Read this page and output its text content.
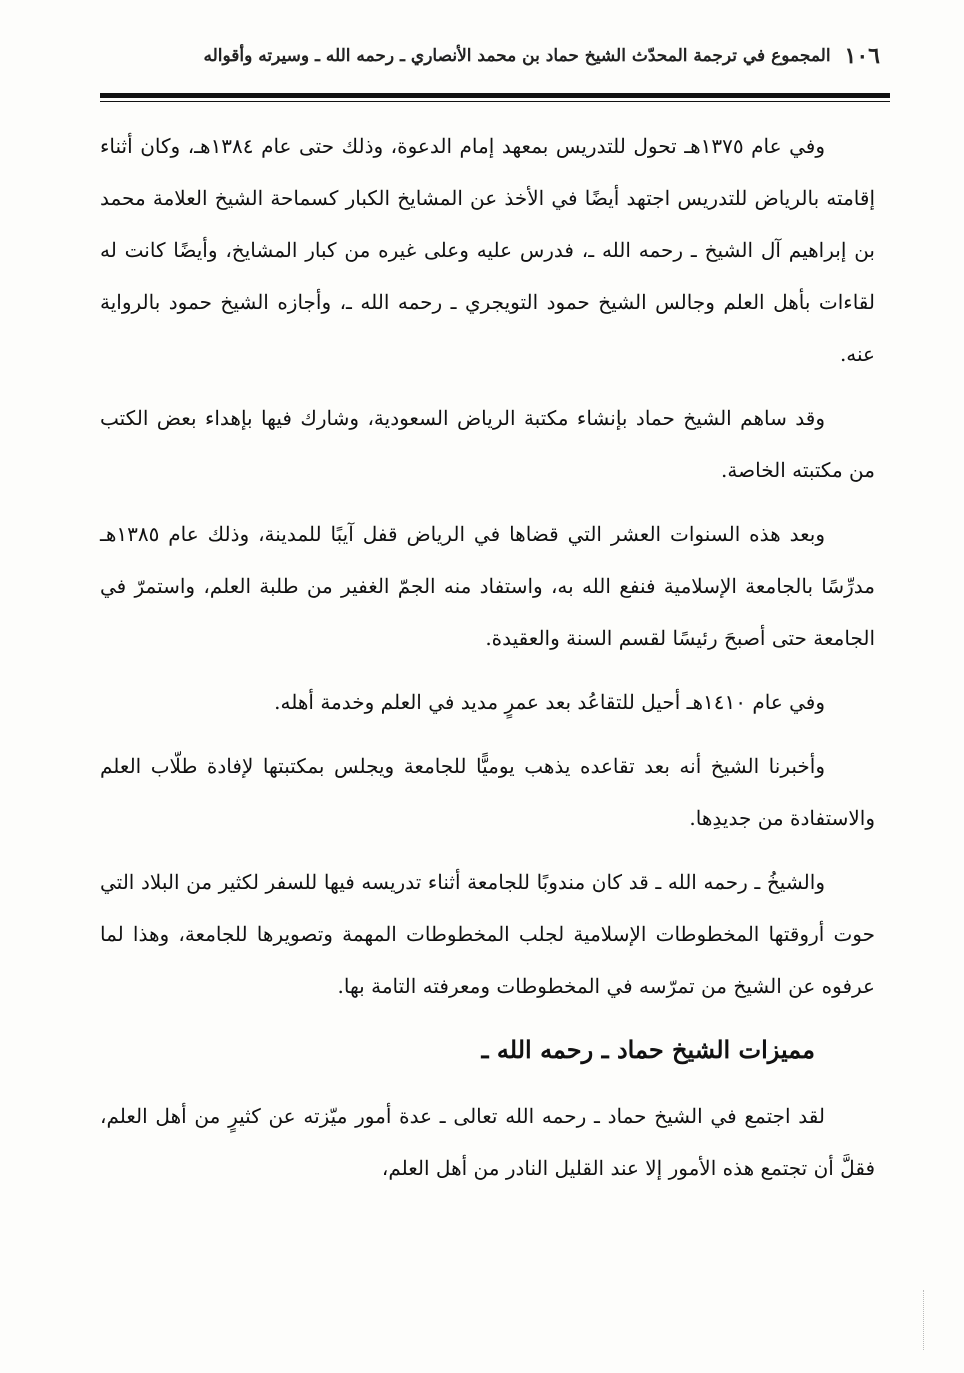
١٠٦
المجموع في ترجمة المحدّث الشيخ حماد بن محمد الأنصاري ـ رحمه الله ـ وسيرته وأقواله

وفي عام ١٣٧٥هـ تحول للتدريس بمعهد إمام الدعوة، وذلك حتى عام ١٣٨٤هـ، وكان أثناء إقامته بالرياض للتدريس اجتهد أيضًا في الأخذ عن المشايخ الكبار كسماحة الشيخ العلامة محمد بن إبراهيم آل الشيخ ـ رحمه الله ـ، فدرس عليه وعلى غيره من كبار المشايخ، وأيضًا كانت له لقاءات بأهل العلم وجالس الشيخ حمود التويجري ـ رحمه الله ـ، وأجازه الشيخ حمود بالرواية عنه.

وقد ساهم الشيخ حماد بإنشاء مكتبة الرياض السعودية، وشارك فيها بإهداء بعض الكتب من مكتبته الخاصة.

وبعد هذه السنوات العشر التي قضاها في الرياض قفل آيبًا للمدينة، وذلك عام ١٣٨٥هـ مدرِّسًا بالجامعة الإسلامية فنفع الله به، واستفاد منه الجمّ الغفير من طلبة العلم، واستمرّ في الجامعة حتى أصبحَ رئيسًا لقسم السنة والعقيدة.

وفي عام ١٤١٠هـ أحيل للتقاعُد بعد عمرٍ مديد في العلم وخدمة أهله.

وأخبرنا الشيخ أنه بعد تقاعده يذهب يوميًّا للجامعة ويجلس بمكتبتها لإفادة طلّاب العلم والاستفادة من جديدِها.

والشيخُ ـ رحمه الله ـ قد كان مندوبًا للجامعة أثناء تدريسه فيها للسفر لكثير من البلاد التي حوت أروقتها المخطوطات الإسلامية لجلب المخطوطات المهمة وتصويرها للجامعة، وهذا لما عرفوه عن الشيخ من تمرّسه في المخطوطات ومعرفته التامة بها.

مميزات الشيخ حماد ـ رحمه الله ـ

لقد اجتمع في الشيخ حماد ـ رحمه الله تعالى ـ عدة أمور ميّزته عن كثيرٍ من أهل العلم، فقلَّ أن تجتمع هذه الأمور إلا عند القليل النادر من أهل العلم،
